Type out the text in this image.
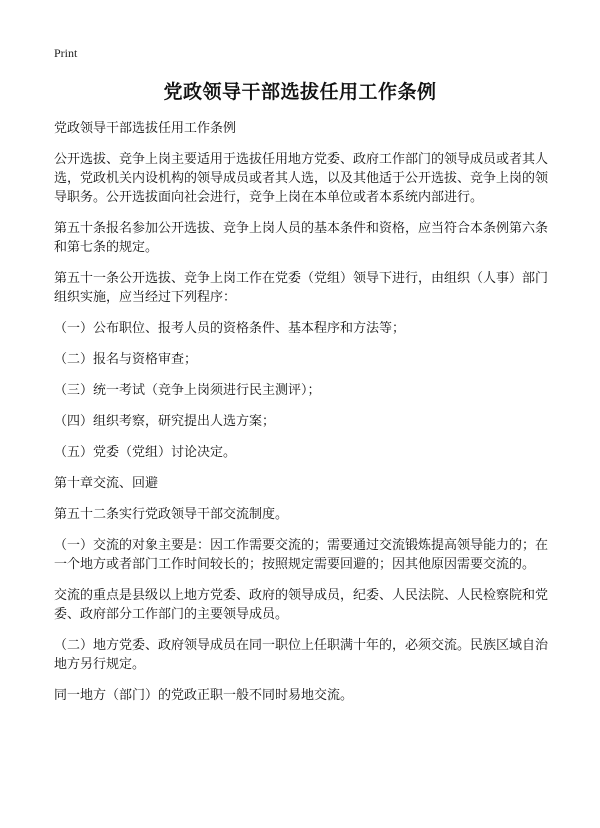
Print
党政领导干部选拔任用工作条例

党政领导干部选拔任用工作条例

公开选拔、竞争上岗主要适用于选拔任用地方党委、政府工作部门的领导成员或者其人选，党政机关内设机构的领导成员或者其人选，以及其他适于公开选拔、竞争上岗的领导职务。公开选拔面向社会进行，竞争上岗在本单位或者本系统内部进行。

第五十条报名参加公开选拔、竞争上岗人员的基本条件和资格，应当符合本条例第六条和第七条的规定。

第五十一条公开选拔、竞争上岗工作在党委（党组）领导下进行，由组织（人事）部门组织实施，应当经过下列程序：

（一）公布职位、报考人员的资格条件、基本程序和方法等；

（二）报名与资格审查；

（三）统一考试（竞争上岗须进行民主测评）；

（四）组织考察，研究提出人选方案；

（五）党委（党组）讨论决定。

第十章交流、回避

第五十二条实行党政领导干部交流制度。

（一）交流的对象主要是：因工作需要交流的；需要通过交流锻炼提高领导能力的；在一个地方或者部门工作时间较长的；按照规定需要回避的；因其他原因需要交流的。

交流的重点是县级以上地方党委、政府的领导成员，纪委、人民法院、人民检察院和党委、政府部分工作部门的主要领导成员。

（二）地方党委、政府领导成员在同一职位上任职满十年的，必须交流。民族区域自治地方另行规定。

同一地方（部门）的党政正职一般不同时易地交流。
